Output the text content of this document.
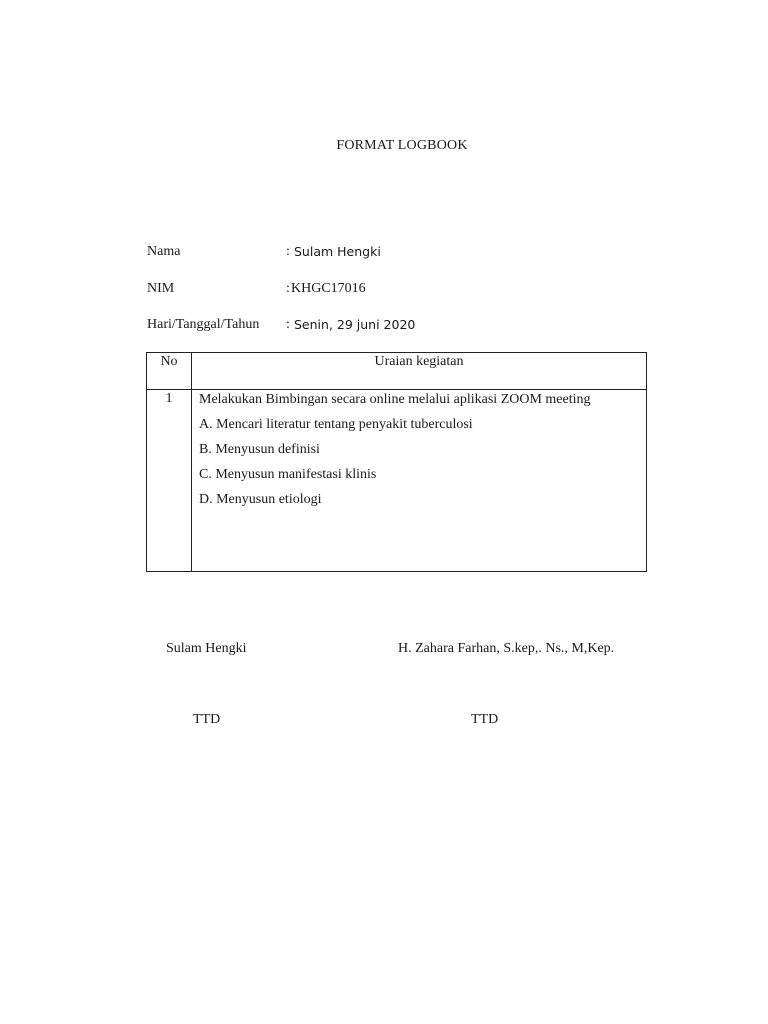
FORMAT LOGBOOK
Nama	: Sulam Hengki
NIM	: KHGC17016
Hari/Tanggal/Tahun : Senin, 29 juni 2020
No	Uraian kegiatan
1	Melakukan Bimbingan secara online melalui aplikasi ZOOM meeting
A. Mencari literatur tentang penyakit tuberculosi
B. Menyusun definisi
C. Menyusun manifestasi klinis
D. Menyusun etiologi
Sulam Hengki	H. Zahara Farhan, S.kep,. Ns., M,Kep.
TTD	TTD
